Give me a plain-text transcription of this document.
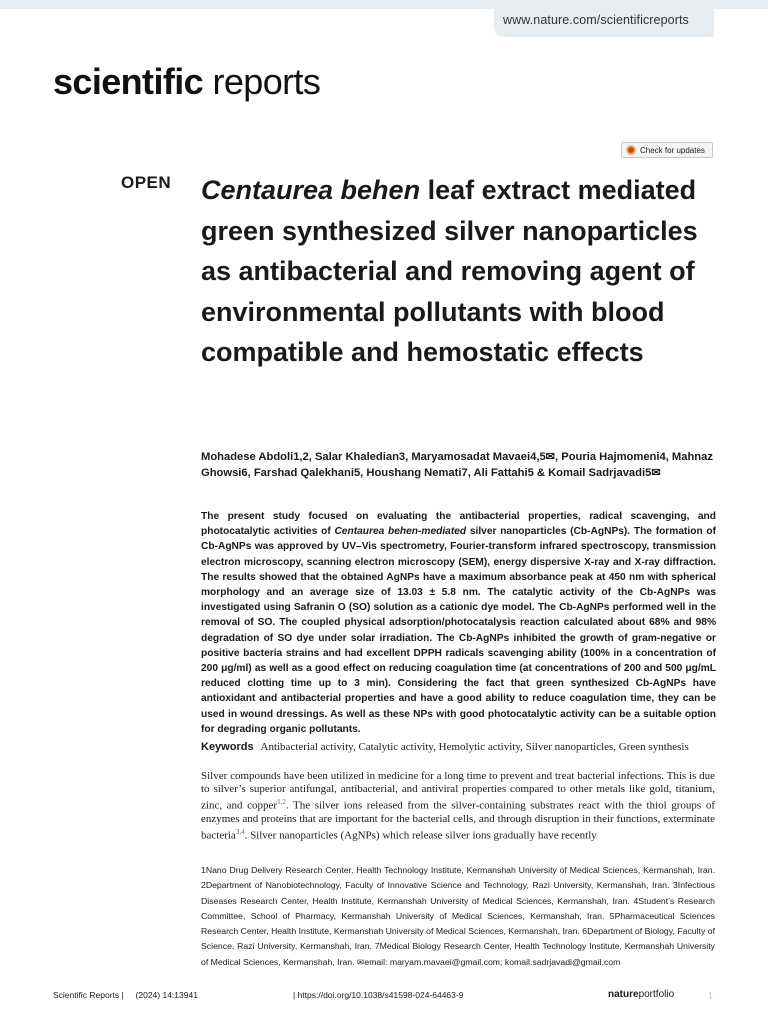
www.nature.com/scientificreports
scientific reports
Check for updates
OPEN Centaurea behen leaf extract mediated green synthesized silver nanoparticles as antibacterial and removing agent of environmental pollutants with blood compatible and hemostatic effects
Mohadese Abdoli1,2, Salar Khaledian3, Maryamosadat Mavaei4,5✉, Pouria Hajmomeni4, Mahnaz Ghowsi6, Farshad Qalekhani5, Houshang Nemati7, Ali Fattahi5 & Komail Sadrjavadi5✉
The present study focused on evaluating the antibacterial properties, radical scavenging, and photocatalytic activities of Centaurea behen-mediated silver nanoparticles (Cb-AgNPs). The formation of Cb-AgNPs was approved by UV–Vis spectrometry, Fourier-transform infrared spectroscopy, transmission electron microscopy, scanning electron microscopy (SEM), energy dispersive X-ray and X-ray diffraction. The results showed that the obtained AgNPs have a maximum absorbance peak at 450 nm with spherical morphology and an average size of 13.03 ± 5.8 nm. The catalytic activity of the Cb-AgNPs was investigated using Safranin O (SO) solution as a cationic dye model. The Cb-AgNPs performed well in the removal of SO. The coupled physical adsorption/photocatalysis reaction calculated about 68% and 98% degradation of SO dye under solar irradiation. The Cb-AgNPs inhibited the growth of gram-negative or positive bacteria strains and had excellent DPPH radicals scavenging ability (100% in a concentration of 200 μg/ml) as well as a good effect on reducing coagulation time (at concentrations of 200 and 500 μg/mL reduced clotting time up to 3 min). Considering the fact that green synthesized Cb-AgNPs have antioxidant and antibacterial properties and have a good ability to reduce coagulation time, they can be used in wound dressings. As well as these NPs with good photocatalytic activity can be a suitable option for degrading organic pollutants.
Keywords Antibacterial activity, Catalytic activity, Hemolytic activity, Silver nanoparticles, Green synthesis
Silver compounds have been utilized in medicine for a long time to prevent and treat bacterial infections. This is due to silver’s superior antifungal, antibacterial, and antiviral properties compared to other metals like gold, titanium, zinc, and copper$^{1,2}$. The silver ions released from the silver-containing substrates react with the thiol groups of enzymes and proteins that are important for the bacterial cells, and through disruption in their functions, exterminate bacteria$^{3,4}$. Silver nanoparticles (AgNPs) which release silver ions gradually have recently
1Nano Drug Delivery Research Center, Health Technology Institute, Kermanshah University of Medical Sciences, Kermanshah, Iran. 2Department of Nanobiotechnology, Faculty of Innovative Science and Technology, Razi University, Kermanshah, Iran. 3Infectious Diseases Research Center, Health Institute, Kermanshah University of Medical Sciences, Kermanshah, Iran. 4Student’s Research Committee, School of Pharmacy, Kermanshah University of Medical Sciences, Kermanshah, Iran. 5Pharmaceutical Sciences Research Center, Health Institute, Kermanshah University of Medical Sciences, Kermanshah, Iran. 6Department of Biology, Faculty of Science, Razi University, Kermanshah, Iran. 7Medical Biology Research Center, Health Technology Institute, Kermanshah University of Medical Sciences, Kermanshah, Iran. ✉email: maryam.mavaei@gmail.com; komail.sadrjavadi@gmail.com
Scientific Reports | (2024) 14:13941	| https://doi.org/10.1038/s41598-024-64463-9	natureportfolio	1
